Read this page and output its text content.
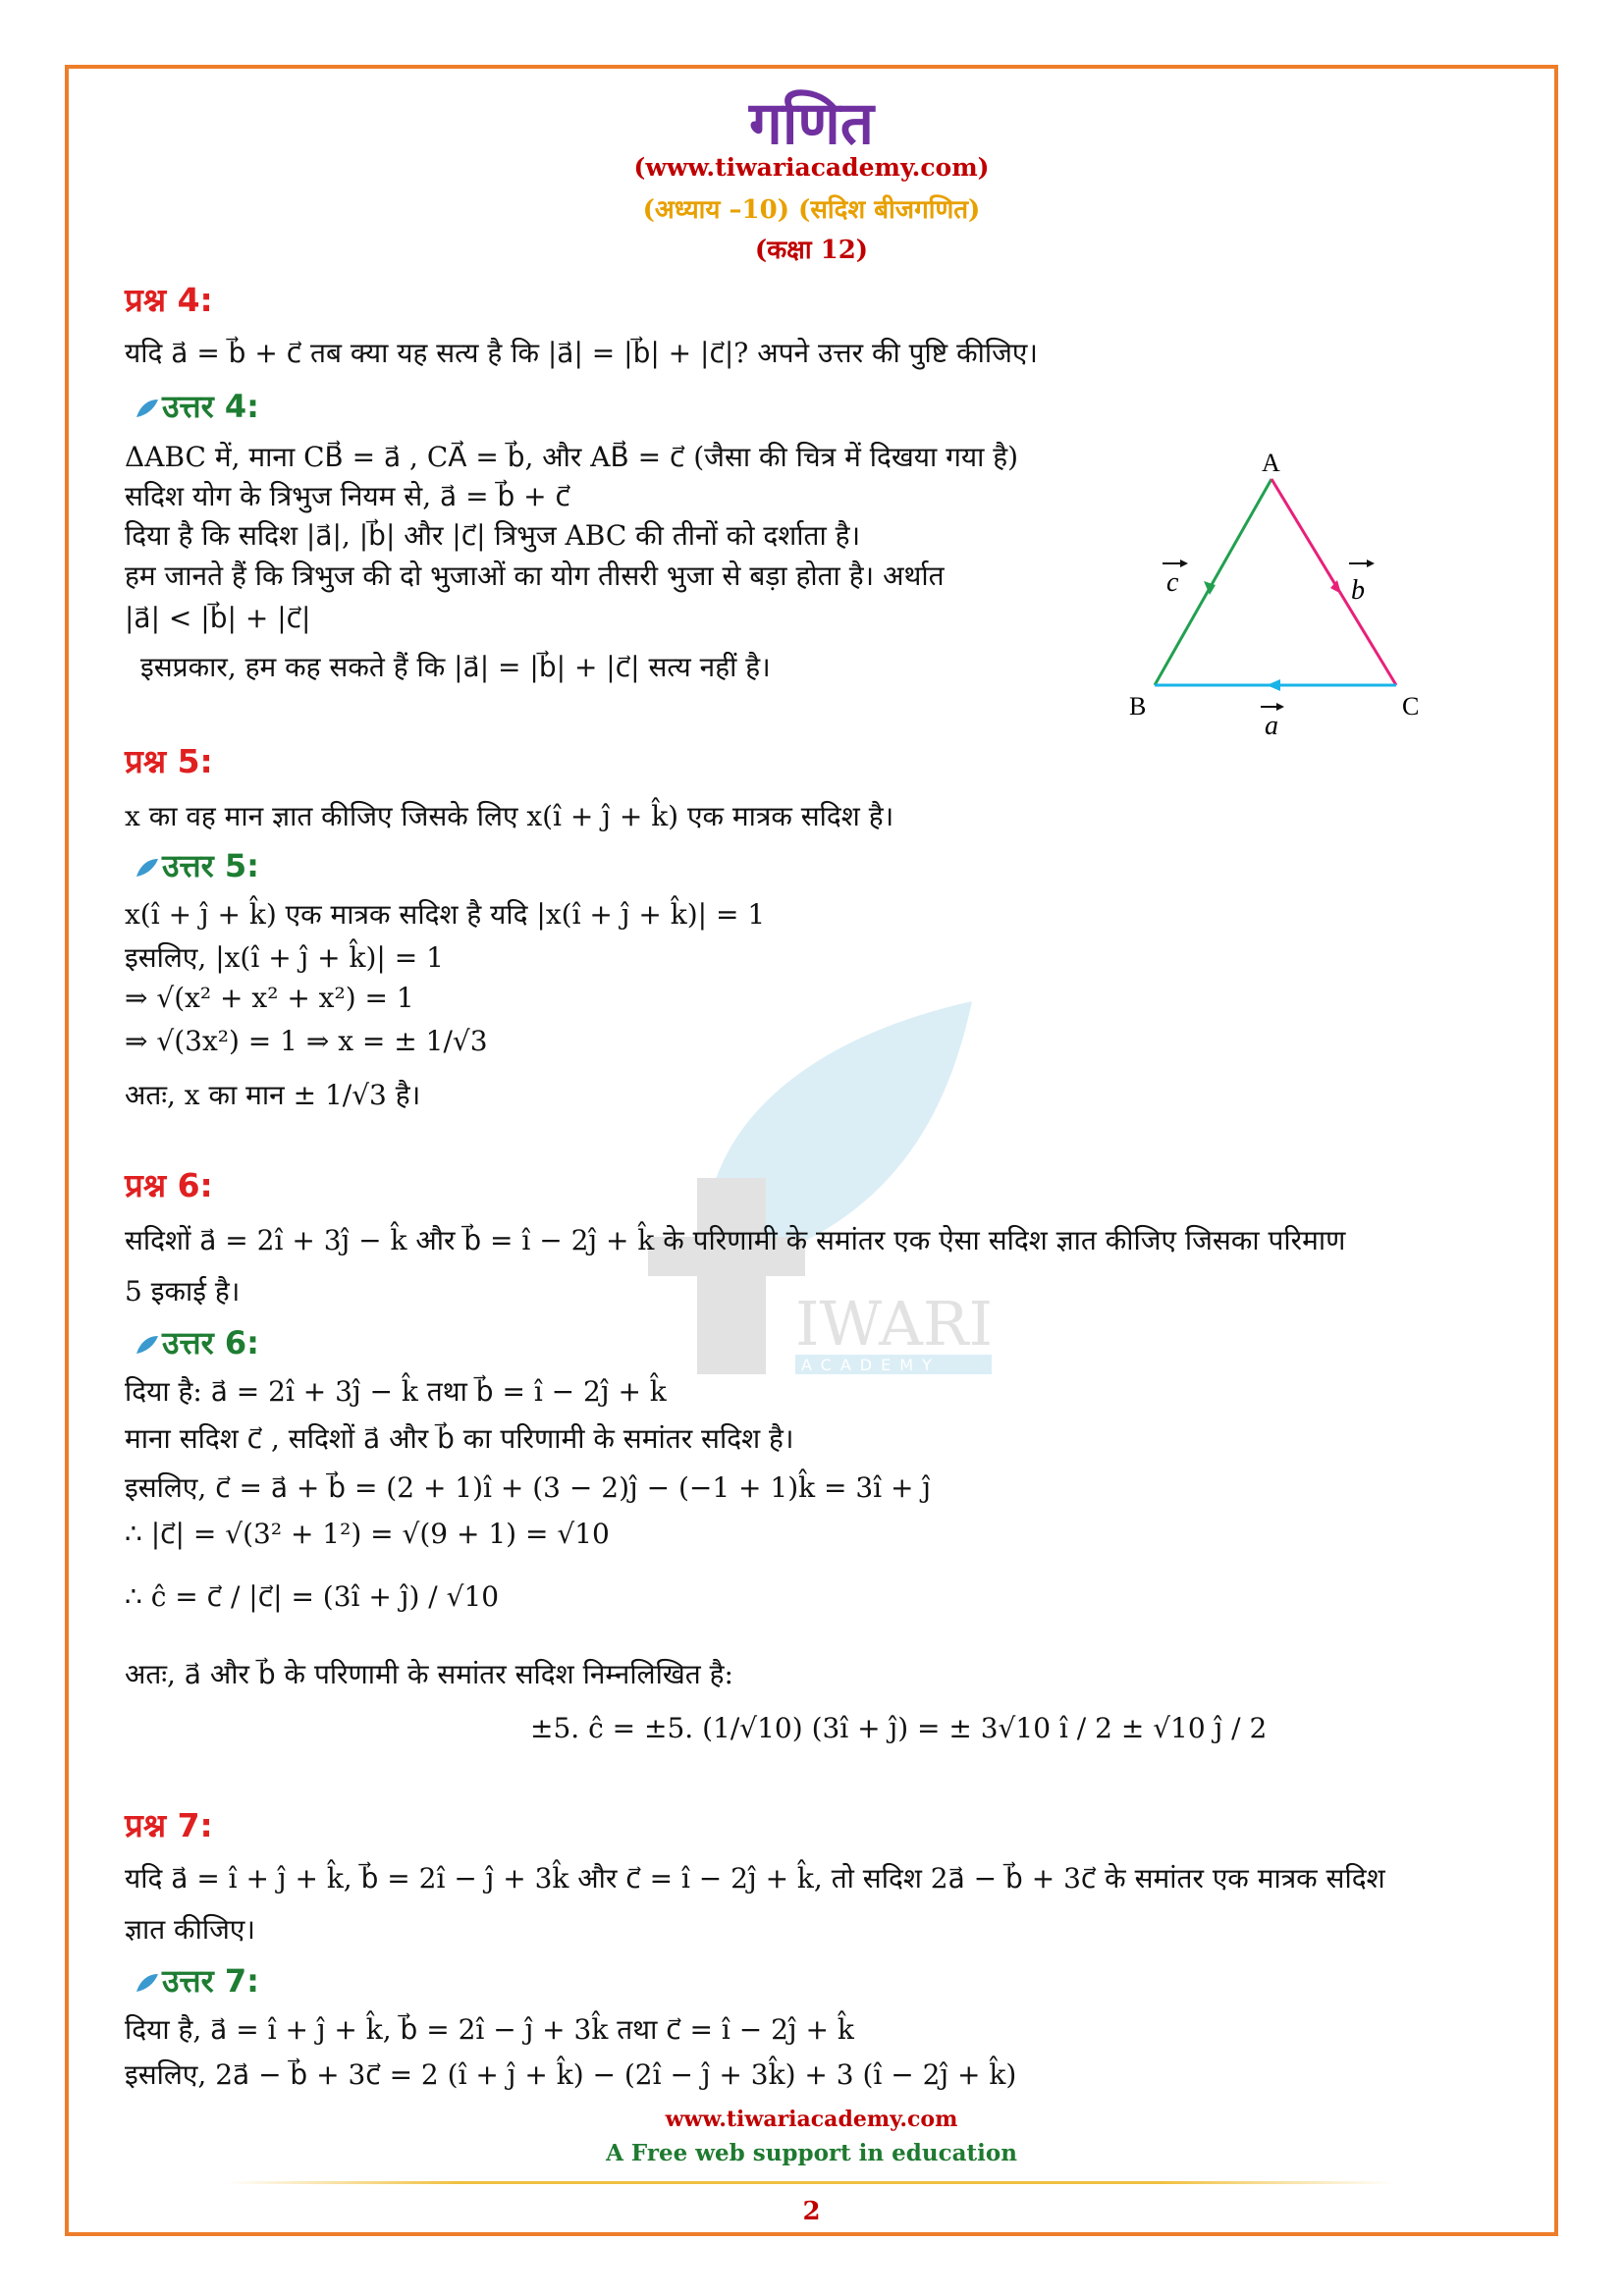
IWARI
ACADEMY
गणित
(www.tiwariacademy.com)
(अध्याय –10) (सदिश बीजगणित)
(कक्षा 12)
प्रश्न 4:
यदि a⃗ = b⃗ + c⃗ तब क्या यह सत्य है कि |a⃗| = |b⃗| + |c⃗|? अपने उत्तर की पुष्टि कीजिए।
उत्तर 4:
ΔABC में, माना CB⃗ = a⃗ , CA⃗ = b⃗, और AB⃗ = c⃗ (जैसा की चित्र में दिखया गया है)
सदिश योग के त्रिभुज नियम से, a⃗ = b⃗ + c⃗
दिया है कि सदिश |a⃗|, |b⃗| और |c⃗| त्रिभुज ABC की तीनों को दर्शाता है।
हम जानते हैं कि त्रिभुज की दो भुजाओं का योग तीसरी भुजा से बड़ा होता है। अर्थात
|a⃗| < |b⃗| + |c⃗|
इसप्रकार, हम कह सकते हैं कि |a⃗| = |b⃗| + |c⃗| सत्य नहीं है।
A
B	C
c	b
a
प्रश्न 5:
x का वह मान ज्ञात कीजिए जिसके लिए x(î + ĵ + k̂) एक मात्रक सदिश है।
उत्तर 5:
x(î + ĵ + k̂) एक मात्रक सदिश है यदि |x(î + ĵ + k̂)| = 1
इसलिए, |x(î + ĵ + k̂)| = 1
⇒ √(x² + x² + x²) = 1
⇒ √(3x²) = 1 ⇒ x = ± 1/√3
अतः, x का मान ± 1/√3 है।
प्रश्न 6:
सदिशों a⃗ = 2î + 3ĵ − k̂ और b⃗ = î − 2ĵ + k̂ के परिणामी के समांतर एक ऐसा सदिश ज्ञात कीजिए जिसका परिमाण
5 इकाई है।
उत्तर 6:
दिया है: a⃗ = 2î + 3ĵ − k̂ तथा b⃗ = î − 2ĵ + k̂
माना सदिश c⃗ , सदिशों a⃗ और b⃗ का परिणामी के समांतर सदिश है।
इसलिए, c⃗ = a⃗ + b⃗ = (2 + 1)î + (3 − 2)ĵ − (−1 + 1)k̂ = 3î + ĵ
∴ |c⃗| = √(3² + 1²) = √(9 + 1) = √10
∴ ĉ = c⃗ / |c⃗| = (3î + ĵ) / √10
अतः, a⃗ और b⃗ के परिणामी के समांतर सदिश निम्नलिखित है:
±5. ĉ = ±5. (1/√10) (3î + ĵ) = ± 3√10 î / 2 ± √10 ĵ / 2
प्रश्न 7:
यदि a⃗ = î + ĵ + k̂, b⃗ = 2î − ĵ + 3k̂ और c⃗ = î − 2ĵ + k̂, तो सदिश 2a⃗ − b⃗ + 3c⃗ के समांतर एक मात्रक सदिश
ज्ञात कीजिए।
उत्तर 7:
दिया है, a⃗ = î + ĵ + k̂, b⃗ = 2î − ĵ + 3k̂ तथा c⃗ = î − 2ĵ + k̂
इसलिए, 2a⃗ − b⃗ + 3c⃗ = 2 (î + ĵ + k̂) − (2î − ĵ + 3k̂) + 3 (î − 2ĵ + k̂)
www.tiwariacademy.com
A Free web support in education
2
